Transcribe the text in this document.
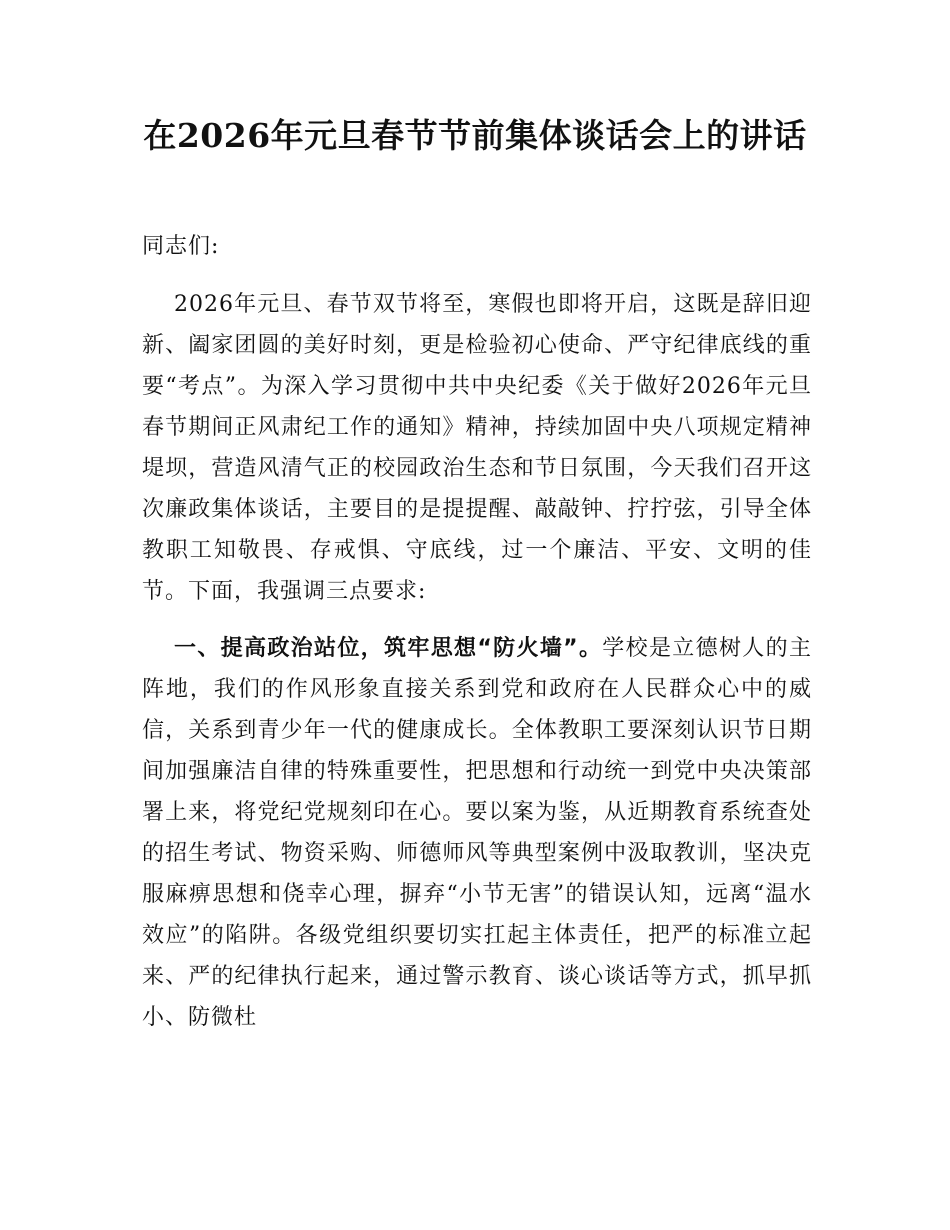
在2026年元旦春节节前集体谈话会上的讲话

同志们:

2026年元旦、春节双节将至，寒假也即将开启，这既是辞旧迎新、阖家团圆的美好时刻，更是检验初心使命、严守纪律底线的重要“考点”。为深入学习贯彻中共中央纪委《关于做好2026年元旦春节期间正风肃纪工作的通知》精神，持续加固中央八项规定精神堤坝，营造风清气正的校园政治生态和节日氛围，今天我们召开这次廉政集体谈话，主要目的是提提醒、敲敲钟、拧拧弦，引导全体教职工知敬畏、存戒惧、守底线，过一个廉洁、平安、文明的佳节。下面，我强调三点要求:

一、提高政治站位，筑牢思想“防火墙”。学校是立德树人的主阵地，我们的作风形象直接关系到党和政府在人民群众心中的威信，关系到青少年一代的健康成长。全体教职工要深刻认识节日期间加强廉洁自律的特殊重要性，把思想和行动统一到党中央决策部署上来，将党纪党规刻印在心。要以案为鉴，从近期教育系统查处的招生考试、物资采购、师德师风等典型案例中汲取教训，坚决克服麻痹思想和侥幸心理，摒弃“小节无害”的错误认知，远离“温水效应”的陷阱。各级党组织要切实扛起主体责任，把严的标准立起来、严的纪律执行起来，通过警示教育、谈心谈话等方式，抓早抓小、防微杜
